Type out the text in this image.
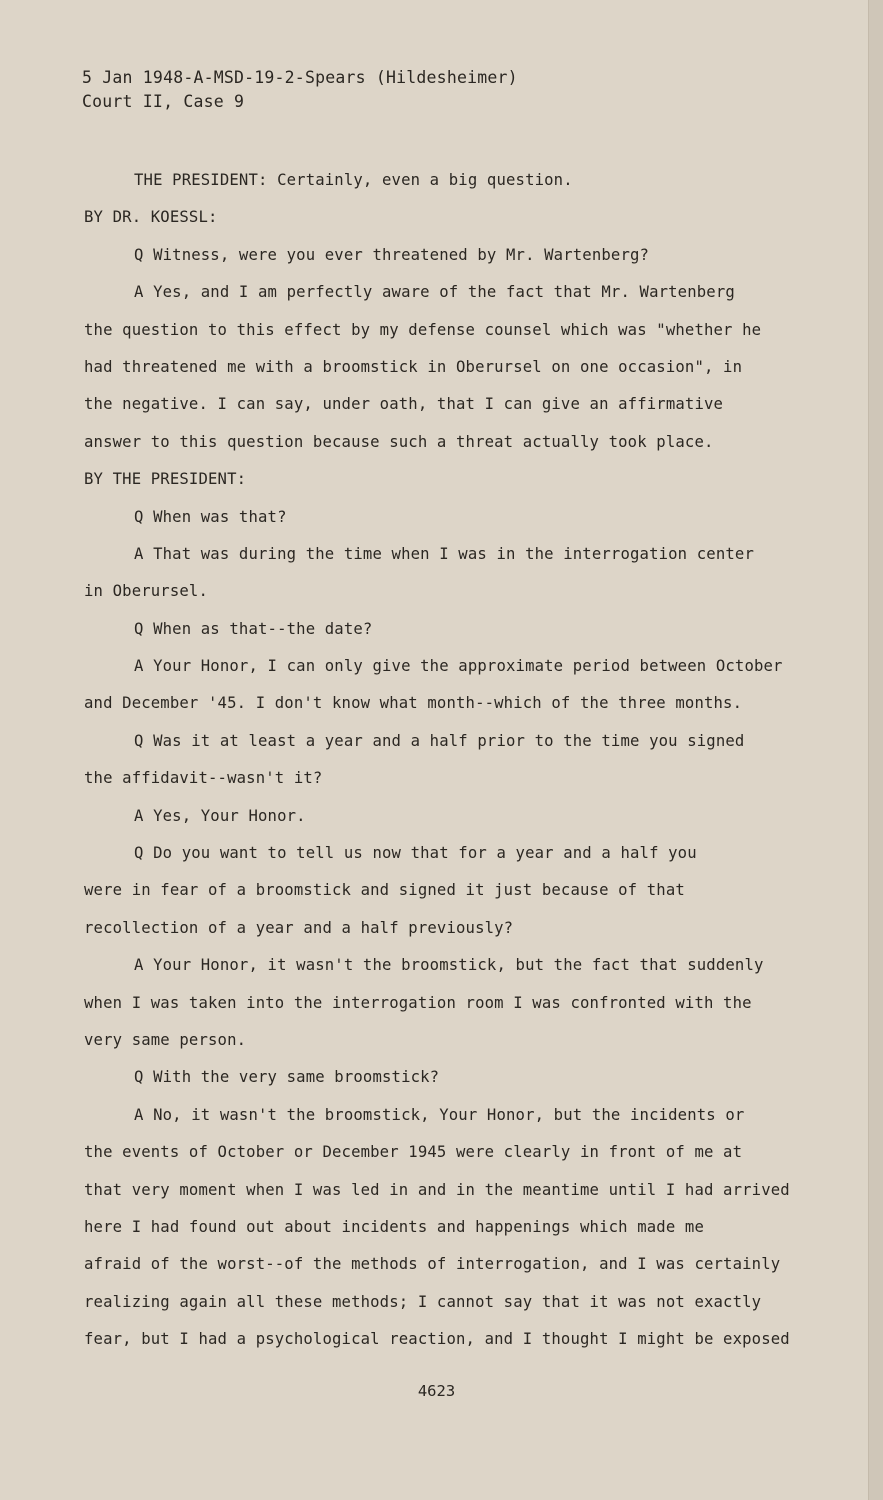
5 Jan 1948-A-MSD-19-2-Spears (Hildesheimer)
Court II, Case 9
THE PRESIDENT: Certainly, even a big question.
BY DR. KOESSL:
Q Witness, were you ever threatened by Mr. Wartenberg?
A Yes, and I am perfectly aware of the fact that Mr. Wartenberg
the question to this effect by my defense counsel which was "whether he
had threatened me with a broomstick in Oberursel on one occasion", in
the negative. I can say, under oath, that I can give an affirmative
answer to this question because such a threat actually took place.
BY THE PRESIDENT:
Q When was that?
A That was during the time when I was in the interrogation center
in Oberursel.
Q When as that--the date?
A Your Honor, I can only give the approximate period between October
and December '45. I don't know what month--which of the three months.
Q Was it at least a year and a half prior to the time you signed
the affidavit--wasn't it?
A Yes, Your Honor.
Q Do you want to tell us now that for a year and a half you
were in fear of a broomstick and signed it just because of that
recollection of a year and a half previously?
A Your Honor, it wasn't the broomstick, but the fact that suddenly
when I was taken into the interrogation room I was confronted with the
very same person.
Q With the very same broomstick?
A No, it wasn't the broomstick, Your Honor, but the incidents or
the events of October or December 1945 were clearly in front of me at
that very moment when I was led in and in the meantime until I had arrived
here I had found out about incidents and happenings which made me
afraid of the worst--of the methods of interrogation, and I was certainly
realizing again all these methods; I cannot say that it was not exactly
fear, but I had a psychological reaction, and I thought I might be exposed
4623
